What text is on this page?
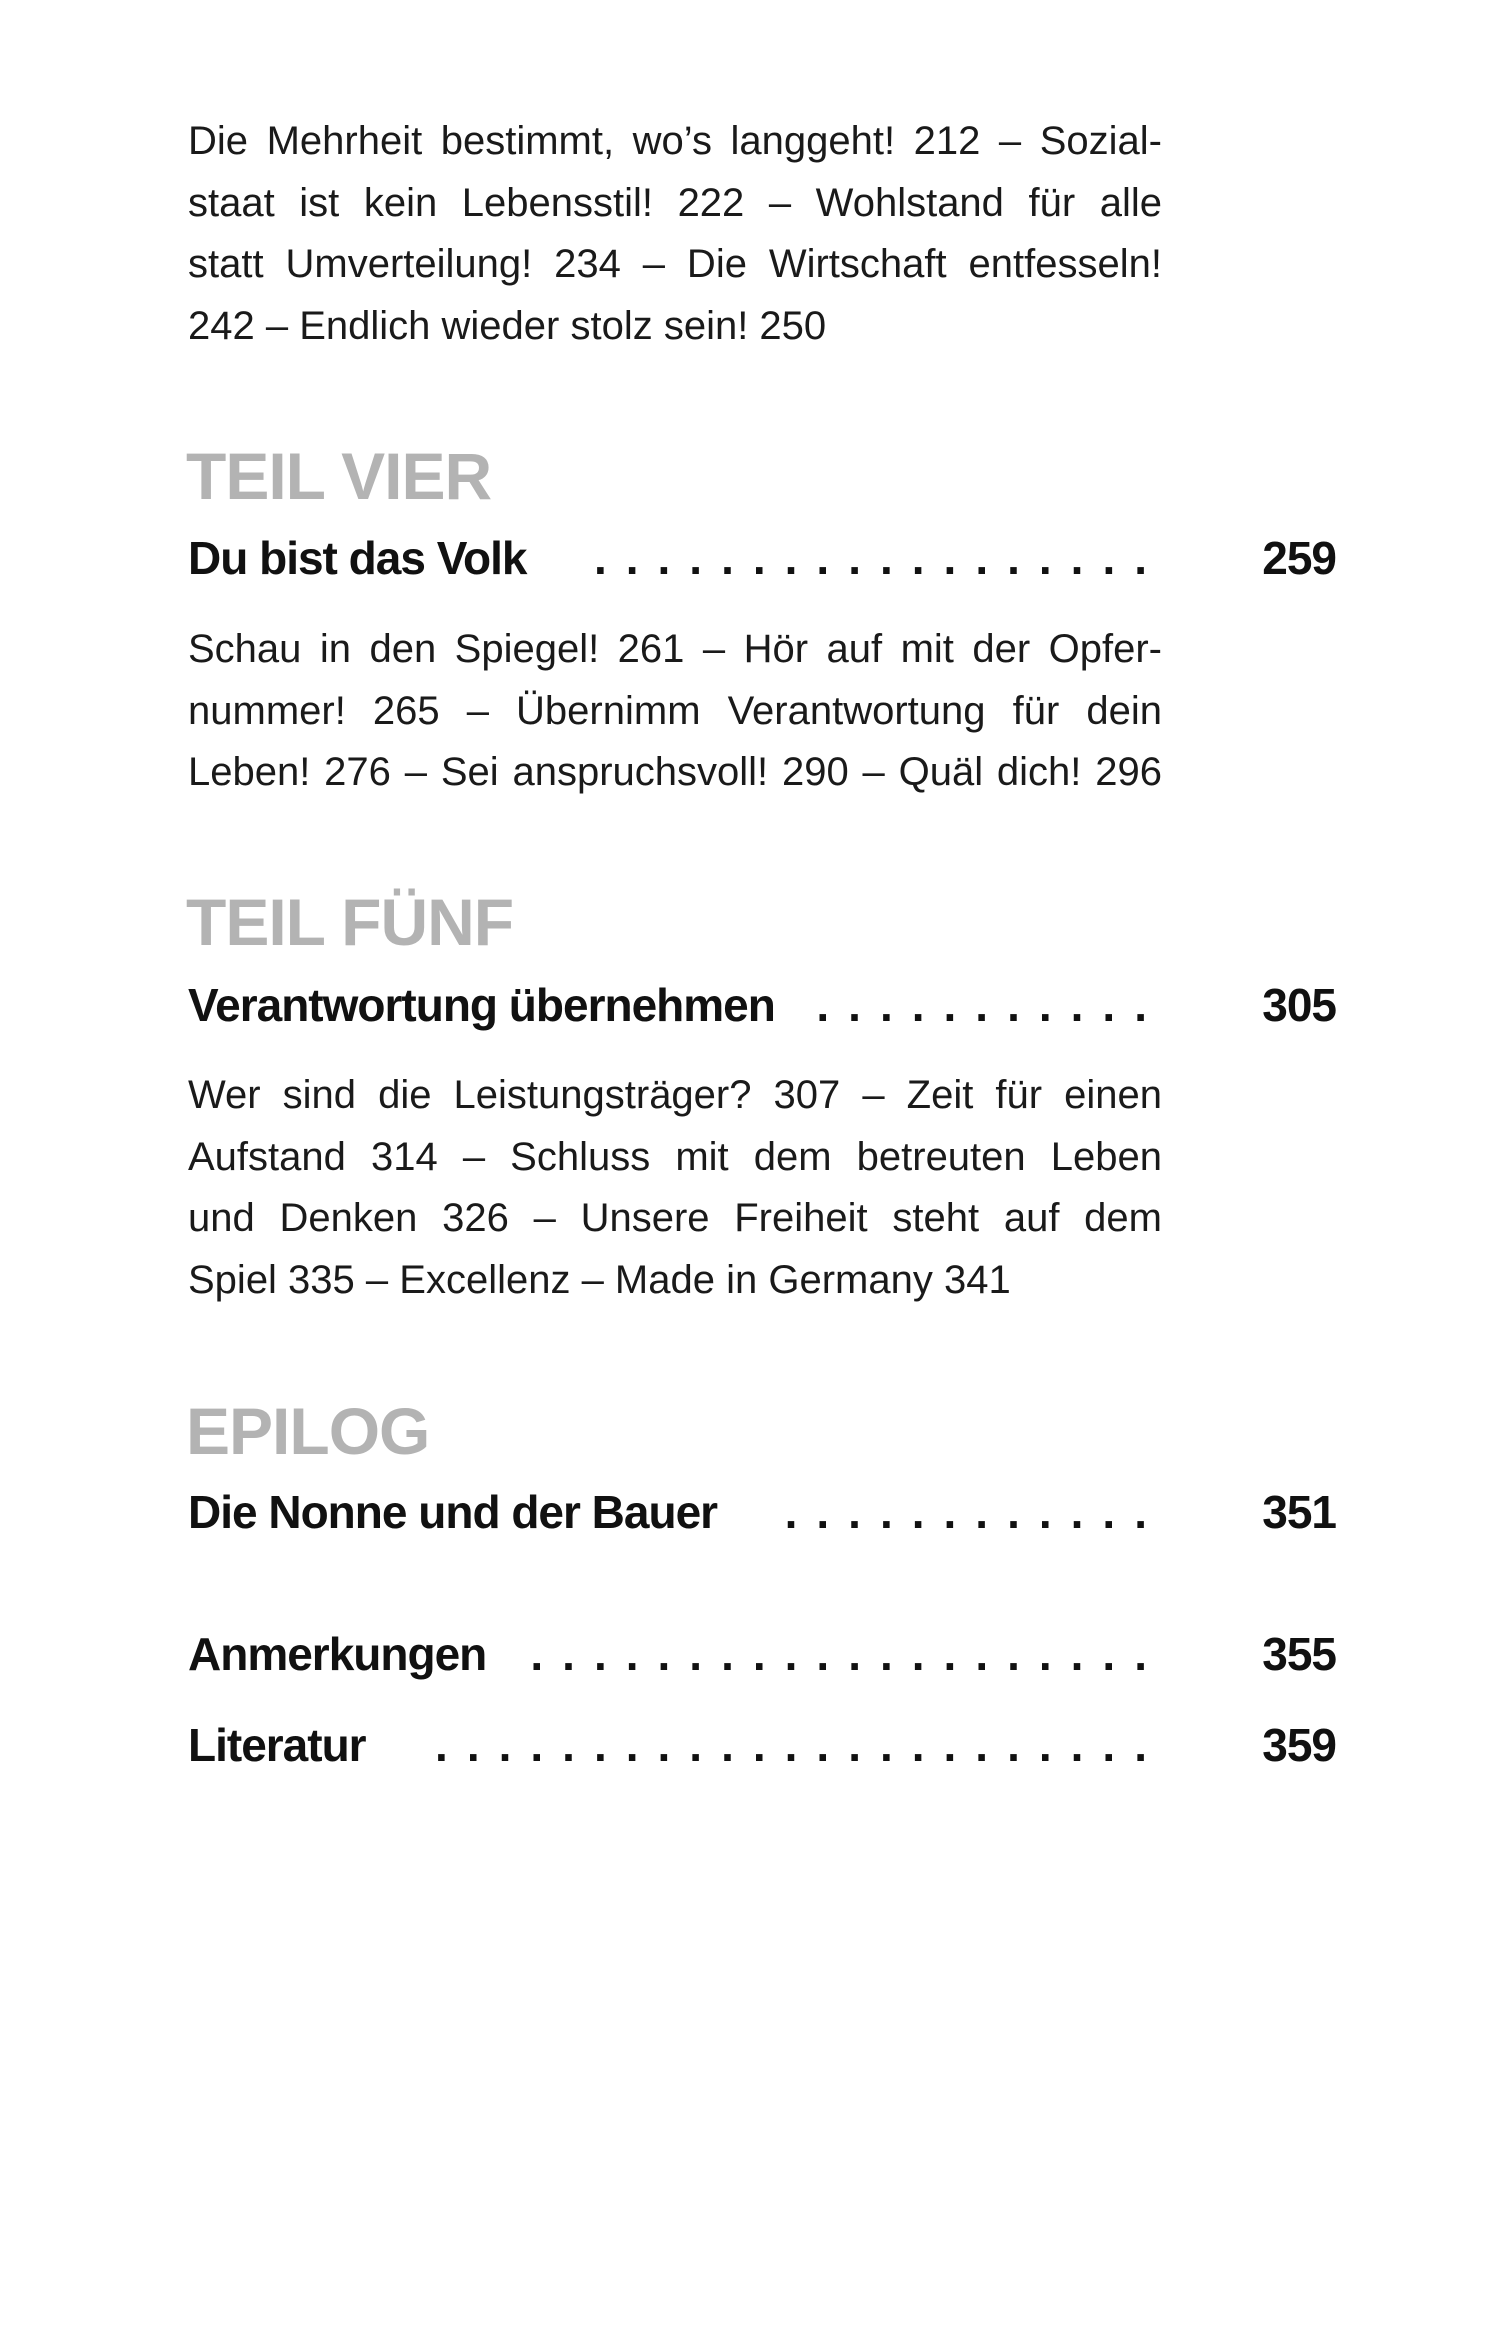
Die Mehrheit bestimmt, wo’s langgeht! 212 – Sozial-
staat ist kein Lebensstil! 222 – Wohlstand für alle
statt Umverteilung! 234 – Die Wirtschaft entfesseln!
242 – Endlich wieder stolz sein! 250

TEIL VIER
Du bist das Volk .................. 259

Schau in den Spiegel! 261 – Hör auf mit der Opfer-
nummer! 265 – Übernimm Verantwortung für dein
Leben! 276 – Sei anspruchsvoll! 290 – Quäl dich! 296

TEIL FÜNF
Verantwortung übernehmen ........... 305

Wer sind die Leistungsträger? 307 – Zeit für einen
Aufstand 314 – Schluss mit dem betreuten Leben
und Denken 326 – Unsere Freiheit steht auf dem
Spiel 335 – Excellenz – Made in Germany 341

EPILOG
Die Nonne und der Bauer ............ 351
Anmerkungen .................... 355
Literatur ....................... 359
